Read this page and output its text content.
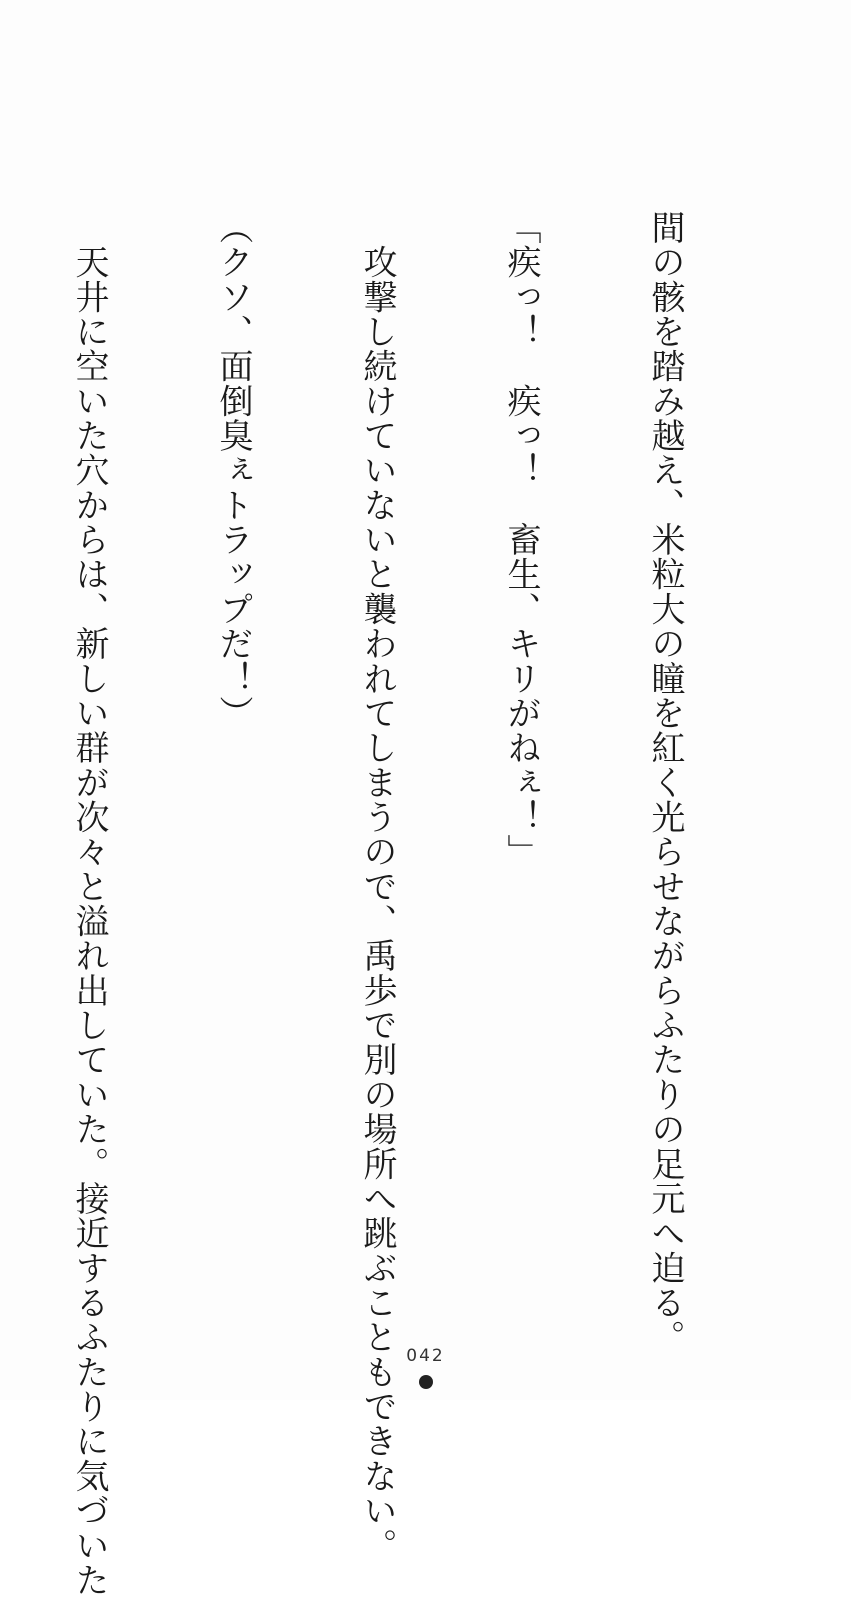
間の骸を踏み越え、米粒大の瞳を紅く光らせながらふたりの足元へ迫る。

「疾っ！　疾っ！　畜生、キリがねぇ！」

　攻撃し続けていないと襲われてしまうので、禹歩で別の場所へ跳ぶこともできない。

（クソ、面倒臭ぇトラップだ！）

　天井に空いた穴からは、新しい群が次々と溢れ出していた。接近するふたりに気づいた

	042
